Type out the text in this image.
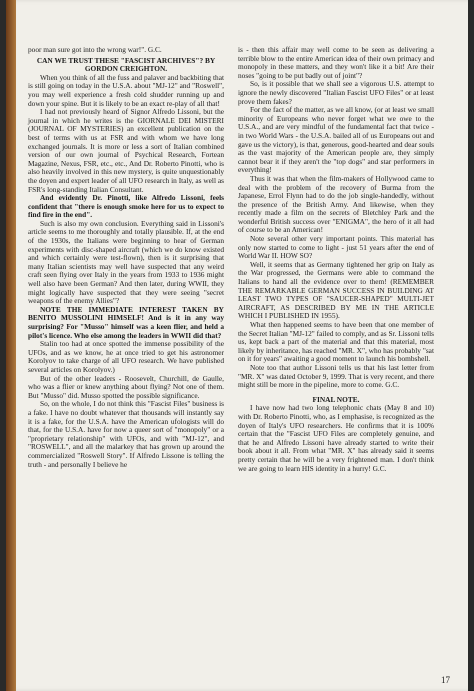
poor man sure got into the wrong war!". G.C.

CAN WE TRUST THESE "FASCIST ARCHIVES"? BY GORDON CREIGHTON.

When you think of all the fuss and palaver and backbiting that is still going on today in the U.S.A. about "MJ-12" and "Roswell", you may well experience a fresh cold shudder running up and down your spine. But it is likely to be an exact re-play of all that!

I had not previously heard of Signor Alfredo Lissoni, but the journal in which he writes is the GIORNALE DEI MISTERI (JOURNAL OF MYSTERIES) an excellent publication on the best of terms with us at FSR and with whom we have long exchanged journals. It is more or less a sort of Italian combined version of our own journal of Psychical Research, Fortean Magazine, Nexus, FSR, etc., etc., And Dr. Roberto Pinotti, who is also heavily involved in this new mystery, is quite unquestionably the doyen and expert leader of all UFO research in Italy, as well as FSR's long-standing Italian Consultant.

And evidently Dr. Pinotti, like Alfredo Lissoni, feels confident that "there is enough smoke here for us to expect to find fire in the end".

Such is also my own conclusion. Everything said in Lissoni's article seems to me thoroughly and totally plausible. If, at the end of the 1930s, the Italians were beginning to hear of German experiments with disc-shaped aircraft (which we do know existed and which certainly were test-flown), then is it surprising that many Italian scientists may well have suspected that any weird craft seen flying over Italy in the years from 1933 to 1936 might well also have been German? And then later, during WWII, they might logically have suspected that they were seeing "secret weapons of the enemy Allies"?

NOTE THE IMMEDIATE INTEREST TAKEN BY BENITO MUSSOLINI HIMSELF! And is it in any way surprising? For "Musso" himself was a keen flier, and held a pilot's licence. Who else among the leaders in WWII did that?

Stalin too had at once spotted the immense possibility of the UFOs, and as we know, he at once tried to get his astronomer Korolyov to take charge of all UFO research. We have published several articles on Korolyov.)

But of the other leaders - Roosevelt, Churchill, de Gaulle, who was a flier or knew anything about flying? Not one of them. But "Musso" did. Musso spotted the possible significance.

So, on the whole, I do not think this "Fascist Files" business is a fake. I have no doubt whatever that thousands will instantly say it is a fake, for the U.S.A. have the American ufologists will do that, for the U.S.A. have for now a queer sort of "monopoly" or a "proprietary relationship" with UFOs, and with "MJ-12", and "ROSWELL", and all the malarkey that has grown up around the commercialized "Roswell Story". If Alfredo Lissone is telling the truth - and personally I believe he

is - then this affair may well come to be seen as delivering a terrible blow to the entire American idea of their own primacy and monopoly in these matters, and they won't like it a bit! Are their noses "going to be put badly out of joint"?

So, is it possible that we shall see a vigorous U.S. attempt to ignore the newly discovered "Italian Fascist UFO Files" or at least prove them fakes?

For the fact of the matter, as we all know, (or at least we small minority of Europeans who never forget what we owe to the U.S.A., and are very mindful of the fundamental fact that twice - in two World Wars - the U.S.A. bailed all of us Europeans out and gave us the victory), is that, generous, good-hearted and dear souls as the vast majority of the American people are, they simply cannot bear it if they aren't the "top dogs" and star performers in everything!

Thus it was that when the film-makers of Hollywood came to deal with the problem of the recovery of Burma from the Japanese, Errol Flynn had to do the job single-handedly, without the presence of the British Army. And likewise, when they recently made a film on the secrets of Bletchley Park and the wonderful British success over "ENIGMA", the hero of it all had of course to be an American!

Note several other very important points. This material has only now started to come to light - just 51 years after the end of World War II. HOW SO?

Well, it seems that as Germany tightened her grip on Italy as the War progressed, the Germans were able to command the Italians to hand all the evidence over to them! (REMEMBER THE REMARKABLE GERMAN SUCCESS IN BUILDING AT LEAST TWO TYPES OF "SAUCER-SHAPED" MULTI-JET AIRCRAFT, AS DESCRIBED BY ME IN THE ARTICLE WHICH I PUBLISHED IN 1955).

What then happened seems to have been that one member of the Secret Italian "MJ-12" failed to comply, and as Sr. Lissoni tells us, kept back a part of the material and that this material, most likely by inheritance, has reached "MR. X", who has probably "sat on it for years" awaiting a good moment to launch his bombshell.

Note too that author Lissoni tells us that his last letter from "MR. X" was dated October 9, 1999. That is very recent, and there might still be more in the pipeline, more to come. G.C.

FINAL NOTE.

I have now had two long telephonic chats (May 8 and 10) with Dr. Roberto Pinotti, who, as I emphasise, is recognized as the doyen of Italy's UFO researchers. He confirms that it is 100% certain that the "Fascist UFO Files are completely genuine, and that he and Alfredo Lissoni have already started to write their book about it all. From what "MR. X" has already said it seems pretty certain that he will be a very frightened man. I don't think we are going to learn HIS identity in a hurry! G.C.

17
